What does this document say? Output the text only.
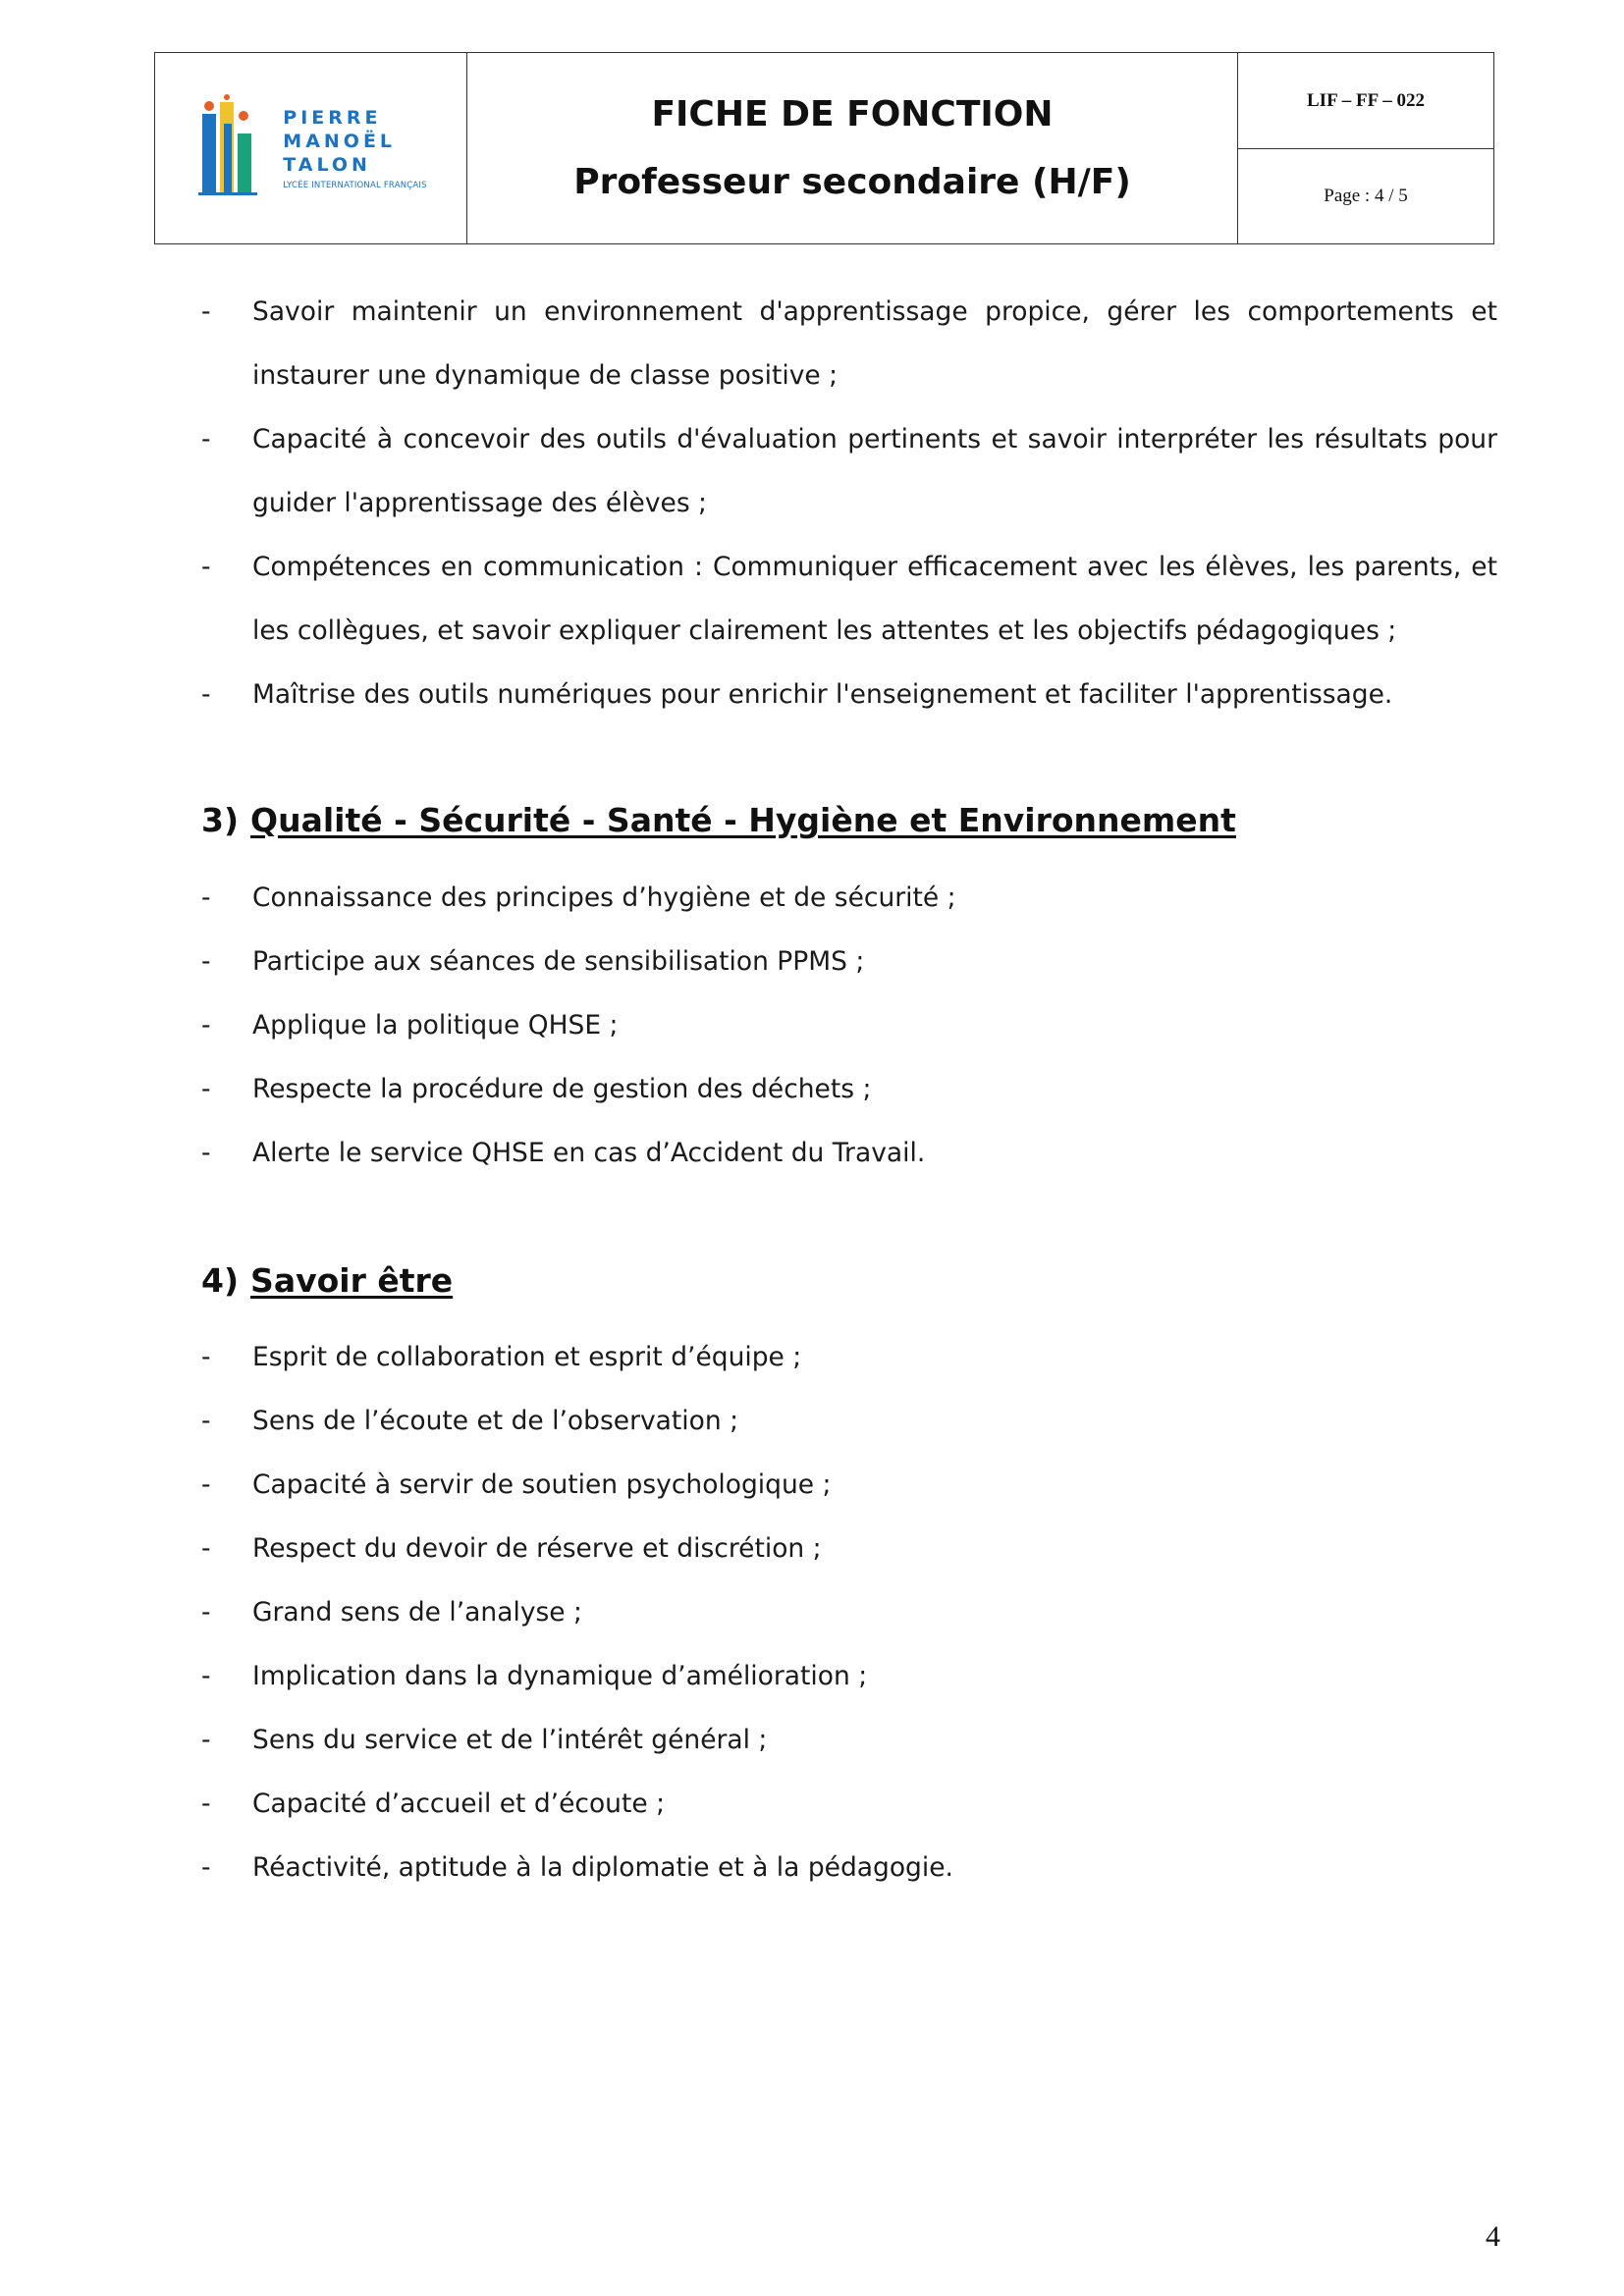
PIERRE
MANOËL
TALON
LYCÉE INTERNATIONAL FRANÇAIS
FICHE DE FONCTION
Professeur secondaire (H/F)
LIF – FF – 022
Page : 4 / 5
- Savoir maintenir un environnement d'apprentissage propice, gérer les comportements et instaurer une dynamique de classe positive ;
- Capacité à concevoir des outils d'évaluation pertinents et savoir interpréter les résultats pour guider l'apprentissage des élèves ;
- Compétences en communication : Communiquer efficacement avec les élèves, les parents, et les collègues, et savoir expliquer clairement les attentes et les objectifs pédagogiques ;
- Maîtrise des outils numériques pour enrichir l'enseignement et faciliter l'apprentissage.
3) Qualité - Sécurité - Santé - Hygiène et Environnement
- Connaissance des principes d’hygiène et de sécurité ;
- Participe aux séances de sensibilisation PPMS ;
- Applique la politique QHSE ;
- Respecte la procédure de gestion des déchets ;
- Alerte le service QHSE en cas d’Accident du Travail.
4) Savoir être
- Esprit de collaboration et esprit d’équipe ;
- Sens de l’écoute et de l’observation ;
- Capacité à servir de soutien psychologique ;
- Respect du devoir de réserve et discrétion ;
- Grand sens de l’analyse ;
- Implication dans la dynamique d’amélioration ;
- Sens du service et de l’intérêt général ;
- Capacité d’accueil et d’écoute ;
- Réactivité, aptitude à la diplomatie et à la pédagogie.
4
